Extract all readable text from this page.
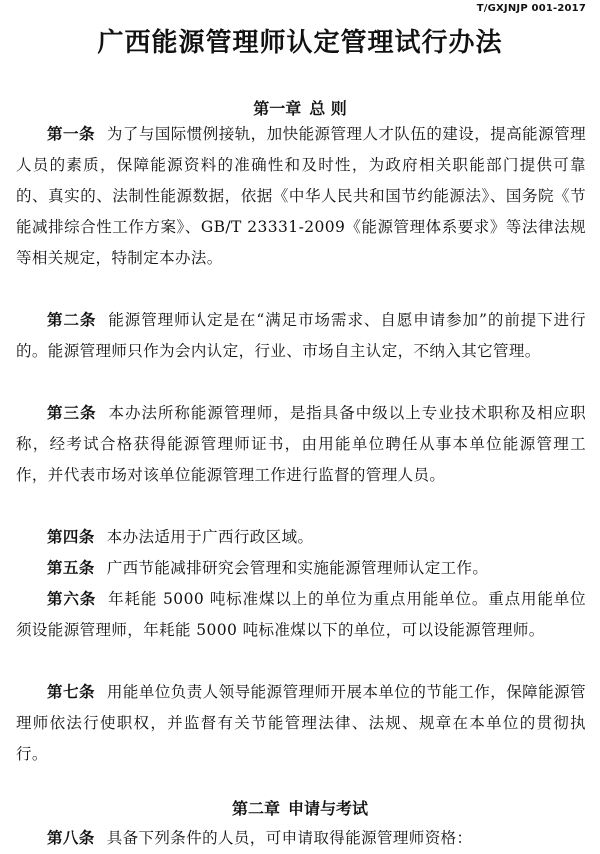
T/GXJNJP 001-2017
广西能源管理师认定管理试行办法
第一章 总 则

第一条 为了与国际惯例接轨，加快能源管理人才队伍的建设，提高能源管理人员的素质，保障能源资料的准确性和及时性，为政府相关职能部门提供可靠的、真实的、法制性能源数据，依据《中华人民共和国节约能源法》、国务院《节能减排综合性工作方案》、GB/T 23331-2009《能源管理体系要求》等法律法规等相关规定，特制定本办法。

第二条 能源管理师认定是在“满足市场需求、自愿申请参加”的前提下进行的。能源管理师只作为会内认定，行业、市场自主认定，不纳入其它管理。

第三条 本办法所称能源管理师，是指具备中级以上专业技术职称及相应职称，经考试合格获得能源管理师证书，由用能单位聘任从事本单位能源管理工作，并代表市场对该单位能源管理工作进行监督的管理人员。

第四条 本办法适用于广西行政区域。

第五条 广西节能减排研究会管理和实施能源管理师认定工作。

第六条 年耗能 5000 吨标准煤以上的单位为重点用能单位。重点用能单位须设能源管理师，年耗能 5000 吨标准煤以下的单位，可以设能源管理师。

第七条 用能单位负责人领导能源管理师开展本单位的节能工作，保障能源管理师依法行使职权，并监督有关节能管理法律、法规、规章在本单位的贯彻执行。

第二章 申请与考试

第八条 具备下列条件的人员，可申请取得能源管理师资格：
